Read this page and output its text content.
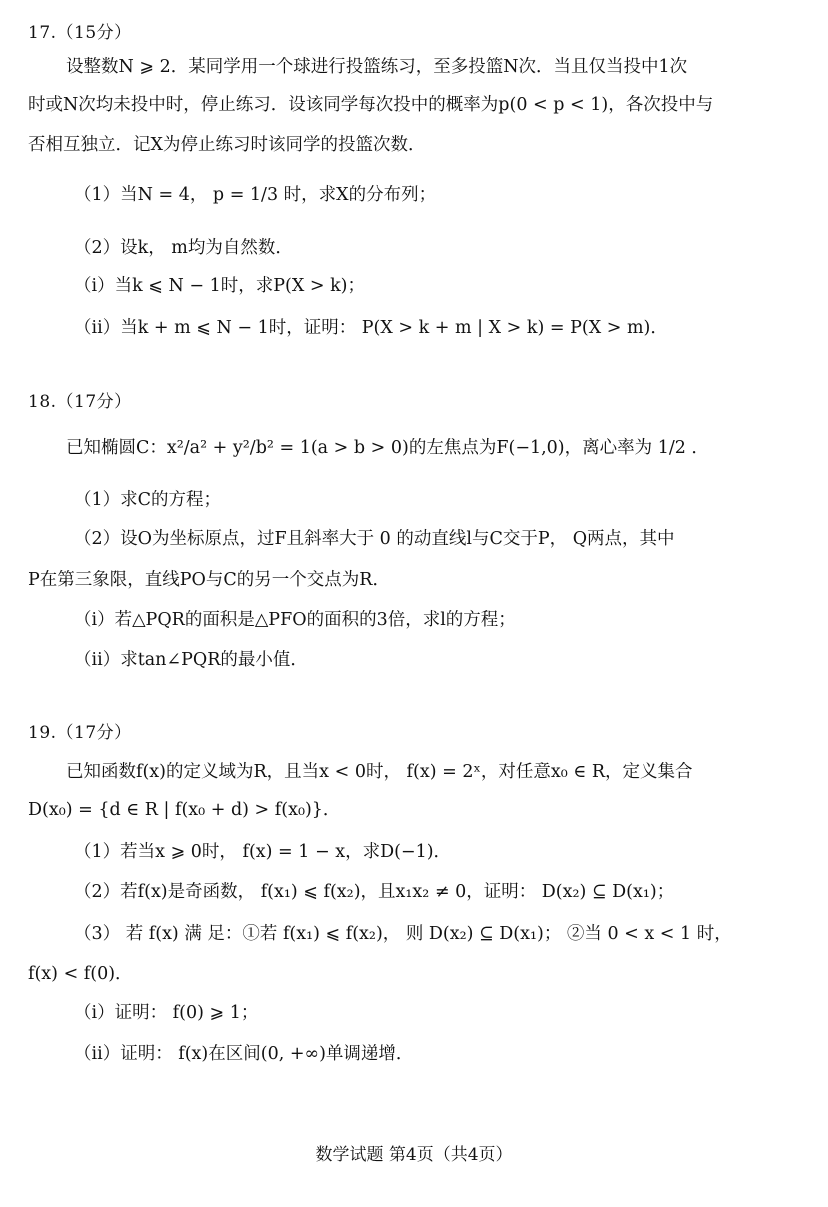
17.（15分）
设整数N ⩾ 2．某同学用一个球进行投篮练习，至多投篮N次．当且仅当投中1次
时或N次均未投中时，停止练习．设该同学每次投中的概率为p(0 < p < 1)，各次投中与
否相互独立．记X为停止练习时该同学的投篮次数．
（1）当N = 4， p = 1/3 时，求X的分布列；
（2）设k， m均为自然数．
（i）当k ⩽ N − 1时，求P(X > k)；
（ii）当k + m ⩽ N − 1时，证明： P(X > k + m | X > k) = P(X > m)．
18.（17分）
已知椭圆C：x²/a² + y²/b² = 1(a > b > 0)的左焦点为F(−1,0)，离心率为 1/2 ．
（1）求C的方程；
（2）设O为坐标原点，过F且斜率大于 0 的动直线l与C交于P， Q两点，其中
P在第三象限，直线PO与C的另一个交点为R．
（i）若△PQR的面积是△PFO的面积的3倍，求l的方程；
（ii）求tan∠PQR的最小值．
19.（17分）
已知函数f(x)的定义域为R，且当x < 0时， f(x) = 2ˣ，对任意x₀ ∈ R，定义集合
D(x₀) = {d ∈ R | f(x₀ + d) > f(x₀)}．
（1）若当x ⩾ 0时， f(x) = 1 − x，求D(−1)．
（2）若f(x)是奇函数， f(x₁) ⩽ f(x₂)，且x₁x₂ ≠ 0，证明： D(x₂) ⊆ D(x₁)；
（3） 若 f(x) 满 足：①若 f(x₁) ⩽ f(x₂)， 则 D(x₂) ⊆ D(x₁)； ②当 0 < x < 1 时，
f(x) < f(0)．
（i）证明： f(0) ⩾ 1；
（ii）证明： f(x)在区间(0, +∞)单调递增．
数学试题 第4页（共4页）
